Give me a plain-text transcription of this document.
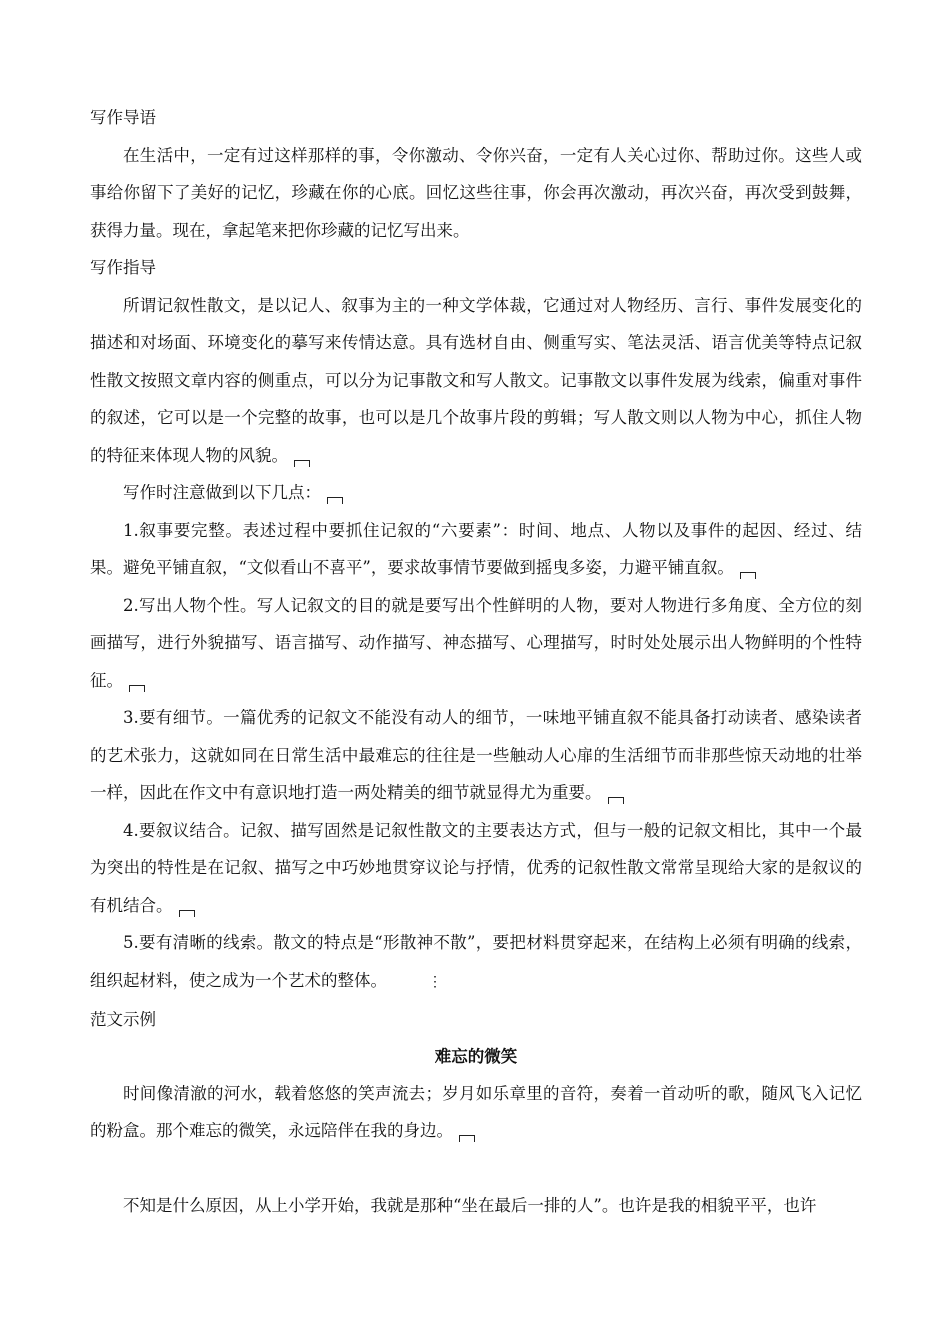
写作导语

在生活中，一定有过这样那样的事，令你激动、令你兴奋，一定有人关心过你、帮助过你。这些人或事给你留下了美好的记忆，珍藏在你的心底。回忆这些往事，你会再次激动，再次兴奋，再次受到鼓舞，获得力量。现在，拿起笔来把你珍藏的记忆写出来。

写作指导

所谓记叙性散文，是以记人、叙事为主的一种文学体裁，它通过对人物经历、言行、事件发展变化的描述和对场面、环境变化的摹写来传情达意。具有选材自由、侧重写实、笔法灵活、语言优美等特点记叙性散文按照文章内容的侧重点，可以分为记事散文和写人散文。记事散文以事件发展为线索，偏重对事件的叙述，它可以是一个完整的故事，也可以是几个故事片段的剪辑；写人散文则以人物为中心，抓住人物的特征来体现人物的风貌。

写作时注意做到以下几点：

1.叙事要完整。表述过程中要抓住记叙的“六要素”：时间、地点、人物以及事件的起因、经过、结果。避免平铺直叙，“文似看山不喜平”，要求故事情节要做到摇曳多姿，力避平铺直叙。

2.写出人物个性。写人记叙文的目的就是要写出个性鲜明的人物，要对人物进行多角度、全方位的刻画描写，进行外貌描写、语言描写、动作描写、神态描写、心理描写，时时处处展示出人物鲜明的个性特征。

3.要有细节。一篇优秀的记叙文不能没有动人的细节，一味地平铺直叙不能具备打动读者、感染读者的艺术张力，这就如同在日常生活中最难忘的往往是一些触动人心扉的生活细节而非那些惊天动地的壮举一样，因此在作文中有意识地打造一两处精美的细节就显得尤为重要。

4.要叙议结合。记叙、描写固然是记叙性散文的主要表达方式，但与一般的记叙文相比，其中一个最为突出的特性是在记叙、描写之中巧妙地贯穿议论与抒情，优秀的记叙性散文常常呈现给大家的是叙议的有机结合。

5.要有清晰的线索。散文的特点是“形散神不散”，要把材料贯穿起来，在结构上必须有明确的线索，组织起材料，使之成为一个艺术的整体。	⋮

范文示例

难忘的微笑

时间像清澈的河水，载着悠悠的笑声流去；岁月如乐章里的音符，奏着一首动听的歌，随风飞入记忆的粉盒。那个难忘的微笑，永远陪伴在我的身边。

不知是什么原因，从上小学开始，我就是那种“坐在最后一排的人”。也许是我的相貌平平，也许
